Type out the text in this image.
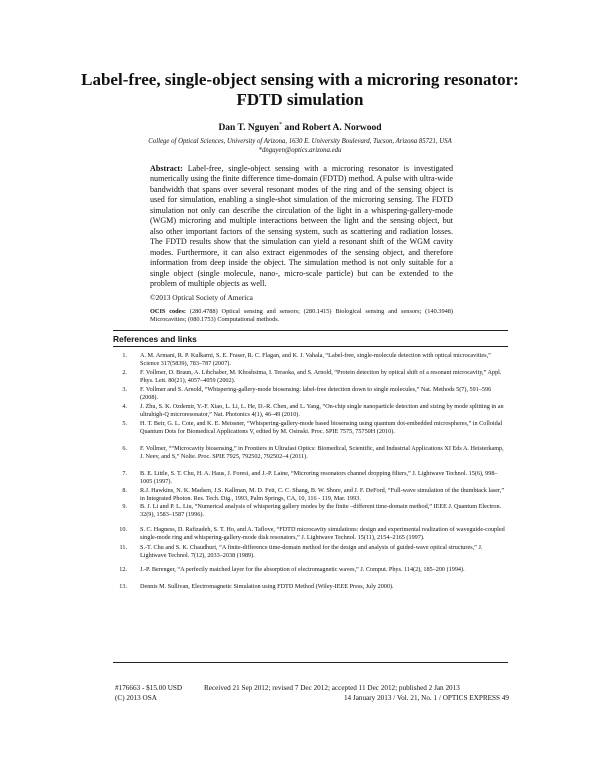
Label-free, single-object sensing with a microring resonator: FDTD simulation
Dan T. Nguyen* and Robert A. Norwood
College of Optical Sciences, University of Arizona, 1630 E. University Boulevard, Tucson, Arizona 85721, USA
*dnguyen@optics.arizona.edu
Abstract: Label-free, single-object sensing with a microring resonator is investigated numerically using the finite difference time-domain (FDTD) method. A pulse with ultra-wide bandwidth that spans over several resonant modes of the ring and of the sensing object is used for simulation, enabling a single-shot simulation of the microring sensing. The FDTD simulation not only can describe the circulation of the light in a whispering-gallery-mode (WGM) microring and multiple interactions between the light and the sensing object, but also other important factors of the sensing system, such as scattering and radiation losses. The FDTD results show that the simulation can yield a resonant shift of the WGM cavity modes. Furthermore, it can also extract eigenmodes of the sensing object, and therefore information from deep inside the object. The simulation method is not only suitable for a single object (single molecule, nano-, micro-scale particle) but can be extended to the problem of multiple objects as well.
©2013 Optical Society of America
OCIS codes: (280.4788) Optical sensing and sensors; (280.1415) Biological sensing and sensors; (140.3948) Microcavities; (080.1753) Computational methods.
References and links
1. A. M. Armani, R. P. Kulkarni, S. E. Fraser, R. C. Flagan, and K. J. Vahala, “Label-free, single-molecule detection with optical microcavities,” Science 317(5839), 783–787 (2007).
2. F. Vollmer, D. Braun, A. Libchaber, M. Khoshsima, I. Teraoka, and S. Arnold, “Protein detection by optical shift of a resonant microcavity,” Appl. Phys. Lett. 80(21), 4057–4059 (2002).
3. F. Vollmer and S. Arnold, “Whispering-gallery-mode biosensing: label-free detection down to single molecules,” Nat. Methods 5(7), 591–596 (2008).
4. J. Zhu, S. K. Ozdemir, Y.-F. Xiao, L. Li, L. He, D.-R. Chen, and L. Yang, “On-chip single nanoparticle detection and sizing by mode splitting in an ultrahigh-Q microresonator,” Nat. Photonics 4(1), 46–49 (2010).
5. H. T. Beir, G. L. Cote, and K. E. Meissner, “Whispering-gallery-mode based biosensing using quantum dot-embedded microspheres,” in Colloidal Quantum Dots for Biomedical Applications V, edited by M. Osinski. Proc. SPIE 7575, 75750H (2010).
6. F. Vollmer, ““Microcavity biosensing,” in Frontiers in Ultrafast Optics: Biomedical, Scientific, and Industrial Applications XI Eds A. Heisterkamp, J. Neev, and S,” Nolte. Proc. SPIE 7925, 792502, 792502–4 (2011).
7. B. E. Little, S. T. Chu, H. A. Haus, J. Foresi, and J.-P. Laine, “Microring resonators channel dropping filters,” J. Lightwave Technol. 15(6), 998–1005 (1997).
8. R.J. Hawkins, N. K. Madsen, J.S. Kallman, M. D. Feit, C. C. Shang, B. W. Shore, and J. F. DeFord, “Full-wave simulation of the thumbtack laser,” in Integrated Photon. Res. Tech. Dig., 1993, Palm Springs, CA, 10, 116 - 119, Mar. 1993.
9. B. J. Li and P. L. Liu, “Numerical analysis of whispering gallery modes by the finite –different time-domain method,” IEEE J. Quantum Electron. 32(9), 1583–1587 (1996).
10. S. C. Hagness, D. Rafizadeh, S. T. Ho, and A. Taflove, “FDTD microcavity simulations: design and experimental realization of waveguide-coupled single-mode ring and whispering-gallery-mode disk resonators,” J. Lightwave Technol. 15(11), 2154–2165 (1997).
11. S.-T. Chu and S. K. Chaudhuri, “A finite-difference time-domain method for the design and analysis of guided-wave optical structures,” J. Lightwave Technol. 7(12), 2033–2038 (1989).
12. J.-P. Berenger, “A perfectly matched layer for the absorption of electromagnetic waves,” J. Comput. Phys. 114(2), 185–200 (1994).
13. Dennis M. Sullivan, Electromagnetic Simulation using FDTD Method (Wiley-IEEE Press, July 2000).
#176663 - $15.00 USD	Received 21 Sep 2012; revised 7 Dec 2012; accepted 11 Dec 2012; published 2 Jan 2013
(C) 2013 OSA	14 January 2013 / Vol. 21, No. 1 / OPTICS EXPRESS 49
